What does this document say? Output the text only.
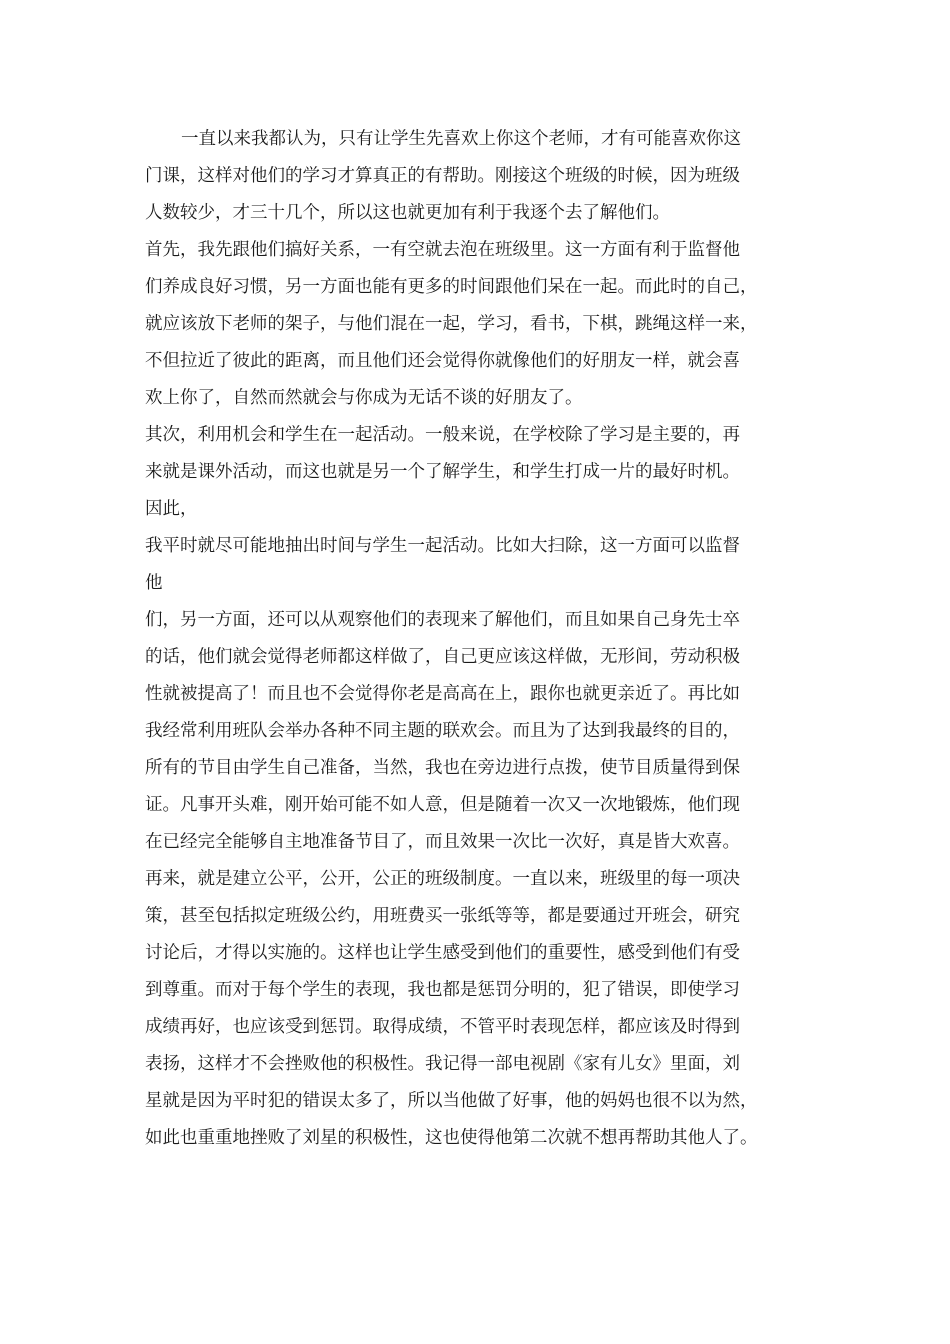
一直以来我都认为，只有让学生先喜欢上你这个老师，才有可能喜欢你这
门课，这样对他们的学习才算真正的有帮助。刚接这个班级的时候，因为班级
人数较少，才三十几个，所以这也就更加有利于我逐个去了解他们。
首先，我先跟他们搞好关系，一有空就去泡在班级里。这一方面有利于监督他
们养成良好习惯，另一方面也能有更多的时间跟他们呆在一起。而此时的自己，
就应该放下老师的架子，与他们混在一起，学习，看书，下棋，跳绳这样一来，
不但拉近了彼此的距离，而且他们还会觉得你就像他们的好朋友一样，就会喜
欢上你了，自然而然就会与你成为无话不谈的好朋友了。
其次，利用机会和学生在一起活动。一般来说，在学校除了学习是主要的，再
来就是课外活动，而这也就是另一个了解学生，和学生打成一片的最好时机。
因此，
我平时就尽可能地抽出时间与学生一起活动。比如大扫除，这一方面可以监督
他
们，另一方面，还可以从观察他们的表现来了解他们，而且如果自己身先士卒
的话，他们就会觉得老师都这样做了，自己更应该这样做，无形间，劳动积极
性就被提高了！而且也不会觉得你老是高高在上，跟你也就更亲近了。再比如
我经常利用班队会举办各种不同主题的联欢会。而且为了达到我最终的目的，
所有的节目由学生自己准备，当然，我也在旁边进行点拨，使节目质量得到保
证。凡事开头难，刚开始可能不如人意，但是随着一次又一次地锻炼，他们现
在已经完全能够自主地准备节目了，而且效果一次比一次好，真是皆大欢喜。
再来，就是建立公平，公开，公正的班级制度。一直以来，班级里的每一项决
策，甚至包括拟定班级公约，用班费买一张纸等等，都是要通过开班会，研究
讨论后，才得以实施的。这样也让学生感受到他们的重要性，感受到他们有受
到尊重。而对于每个学生的表现，我也都是惩罚分明的，犯了错误，即使学习
成绩再好，也应该受到惩罚。取得成绩，不管平时表现怎样，都应该及时得到
表扬，这样才不会挫败他的积极性。我记得一部电视剧《家有儿女》里面，刘
星就是因为平时犯的错误太多了，所以当他做了好事，他的妈妈也很不以为然，
如此也重重地挫败了刘星的积极性，这也使得他第二次就不想再帮助其他人了。
